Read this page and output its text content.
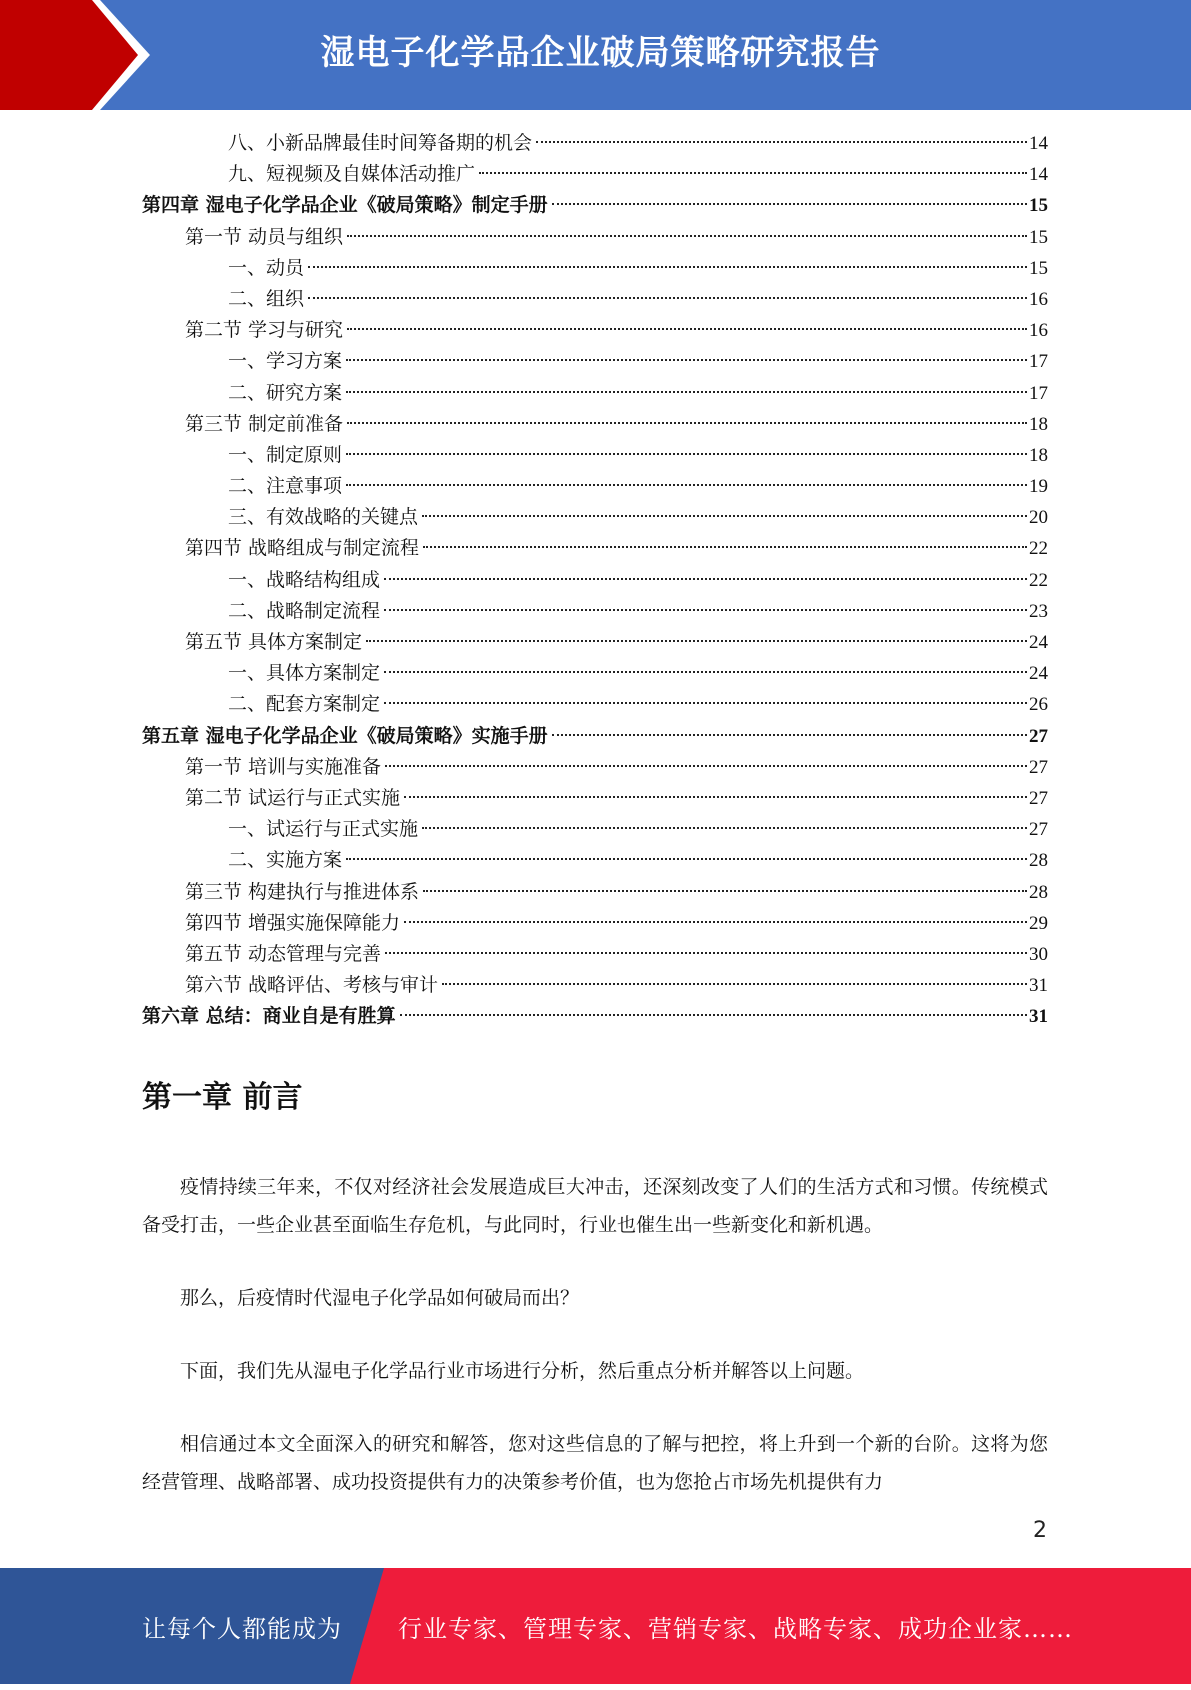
湿电子化学品企业破局策略研究报告
八、小新品牌最佳时间筹备期的机会	14
九、短视频及自媒体活动推广	14
第四章 湿电子化学品企业《破局策略》制定手册	15
第一节 动员与组织	15
一、动员	15
二、组织	16
第二节 学习与研究	16
一、学习方案	17
二、研究方案	17
第三节 制定前准备	18
一、制定原则	18
二、注意事项	19
三、有效战略的关键点	20
第四节 战略组成与制定流程	22
一、战略结构组成	22
二、战略制定流程	23
第五节 具体方案制定	24
一、具体方案制定	24
二、配套方案制定	26
第五章 湿电子化学品企业《破局策略》实施手册	27
第一节 培训与实施准备	27
第二节 试运行与正式实施	27
一、试运行与正式实施	27
二、实施方案	28
第三节 构建执行与推进体系	28
第四节 增强实施保障能力	29
第五节 动态管理与完善	30
第六节 战略评估、考核与审计	31
第六章 总结：商业自是有胜算	31
第一章 前言

疫情持续三年来，不仅对经济社会发展造成巨大冲击，还深刻改变了人们的生活方式和习惯。传统模式备受打击，一些企业甚至面临生存危机，与此同时，行业也催生出一些新变化和新机遇。

那么，后疫情时代湿电子化学品如何破局而出？

下面，我们先从湿电子化学品行业市场进行分析，然后重点分析并解答以上问题。

相信通过本文全面深入的研究和解答，您对这些信息的了解与把控，将上升到一个新的台阶。这将为您经营管理、战略部署、成功投资提供有力的决策参考价值，也为您抢占市场先机提供有力

2
让每个人都能成为 行业专家、管理专家、营销专家、战略专家、成功企业家……
